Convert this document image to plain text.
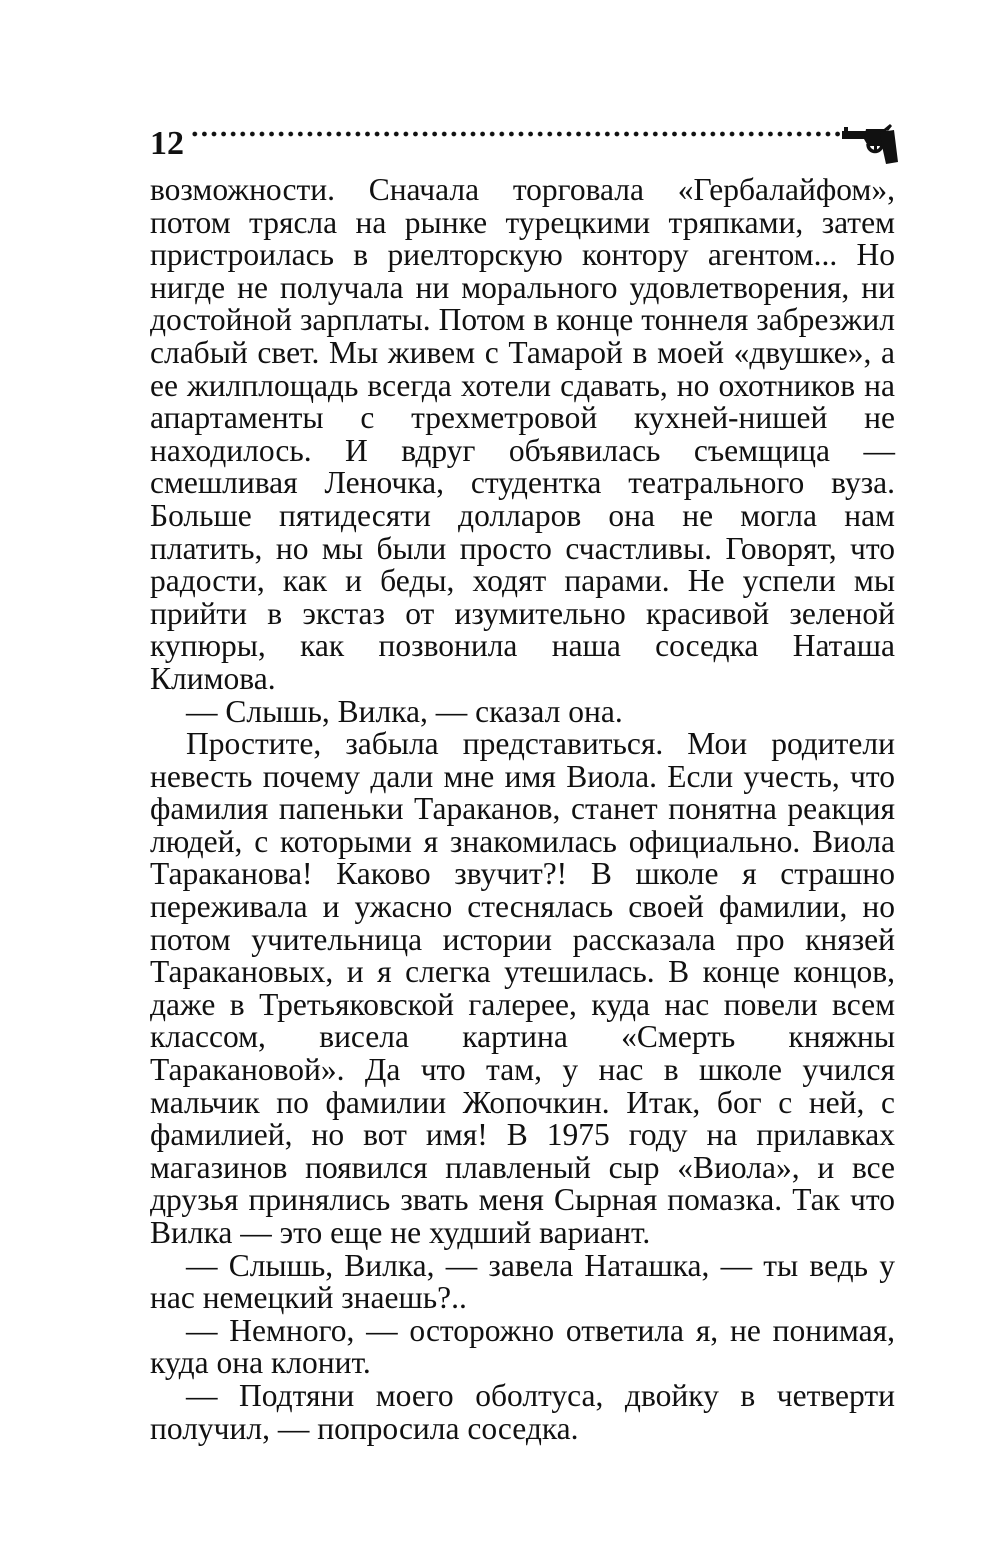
12

возможности. Сначала торговала «Гербалайфом», потом трясла на рынке турецкими тряпками, затем пристроилась в риелторскую контору агентом... Но нигде не получала ни морального удовлетворения, ни достойной зарплаты. Потом в конце тоннеля забрезжил слабый свет. Мы живем с Тамарой в моей «двушке», а ее жилплощадь всегда хотели сдавать, но охотников на апартаменты с трехметровой кухней-нишей не находилось. И вдруг объявилась съемщица — смешливая Леночка, студентка театрального вуза. Больше пятидесяти долларов она не могла нам платить, но мы были просто счастливы. Говорят, что радости, как и беды, ходят парами. Не успели мы прийти в экстаз от изумительно красивой зеленой купюры, как позвонила наша соседка Наташа Климова.

— Слышь, Вилка, — сказал она.

Простите, забыла представиться. Мои родители невесть почему дали мне имя Виола. Если учесть, что фамилия папеньки Тараканов, станет понятна реакция людей, с которыми я знакомилась официально. Виола Тараканова! Каково звучит?! В школе я страшно переживала и ужасно стеснялась своей фамилии, но потом учительница истории рассказала про князей Таракановых, и я слегка утешилась. В конце концов, даже в Третьяковской галерее, куда нас повели всем классом, висела картина «Смерть княжны Таракановой». Да что там, у нас в школе учился мальчик по фамилии Жопочкин. Итак, бог с ней, с фамилией, но вот имя! В 1975 году на прилавках магазинов появился плавленый сыр «Виола», и все друзья принялись звать меня Сырная помазка. Так что Вилка — это еще не худший вариант.

— Слышь, Вилка, — завела Наташка, — ты ведь у нас немецкий знаешь?..

— Немного, — осторожно ответила я, не понимая, куда она клонит.

— Подтяни моего оболтуса, двойку в четверти получил, — попросила соседка.
